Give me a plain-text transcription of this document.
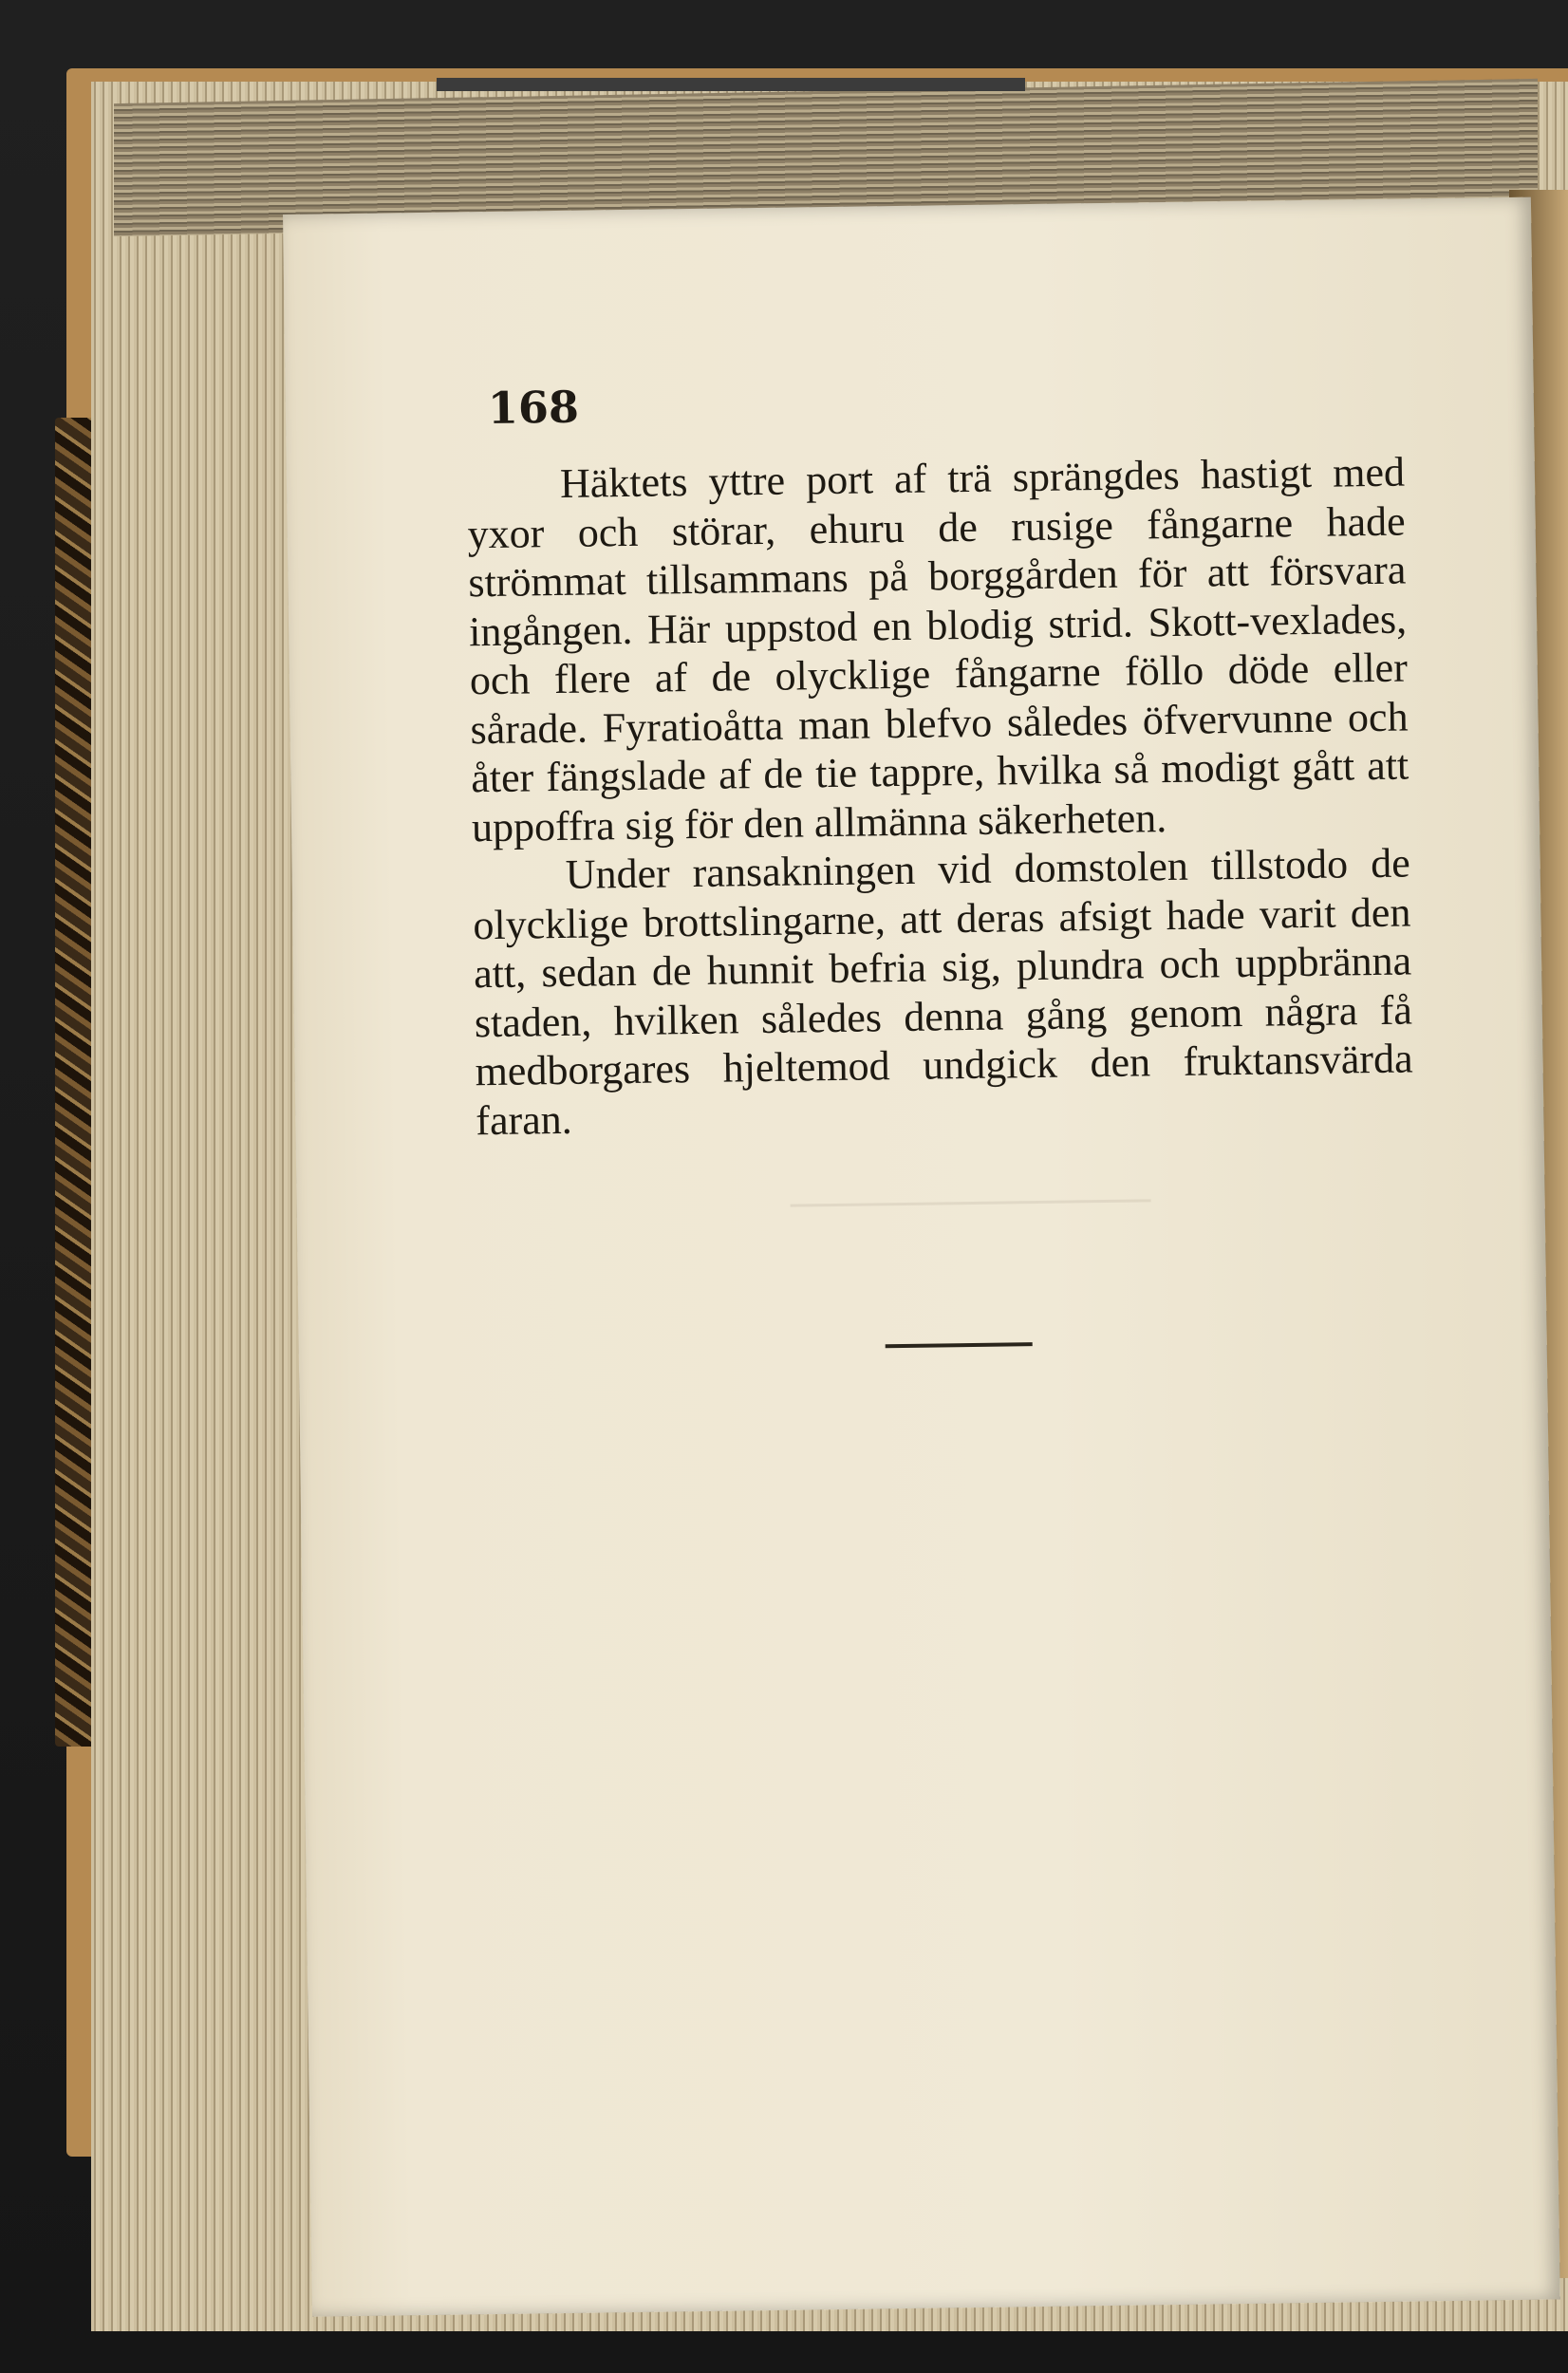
168

Häktets yttre port af trä sprängdes hastigt med yxor och störar, ehuru de rusige fångarne hade strömmat tillsammans på borggården för att försvara ingången. Här uppstod en blodig strid. Skott-vexlades, och flere af de olycklige fångarne föllo döde eller sårade. Fyratioåtta man blefvo således öfvervunne och åter fängslade af de tie tappre, hvilka så modigt gått att uppoffra sig för den allmänna säkerheten.

Under ransakningen vid domstolen tillstodo de olycklige brottslingarne, att deras afsigt hade varit den att, sedan de hunnit befria sig, plundra och uppbränna staden, hvilken således denna gång genom några få medborgares hjeltemod undgick den fruktansvärda faran.
